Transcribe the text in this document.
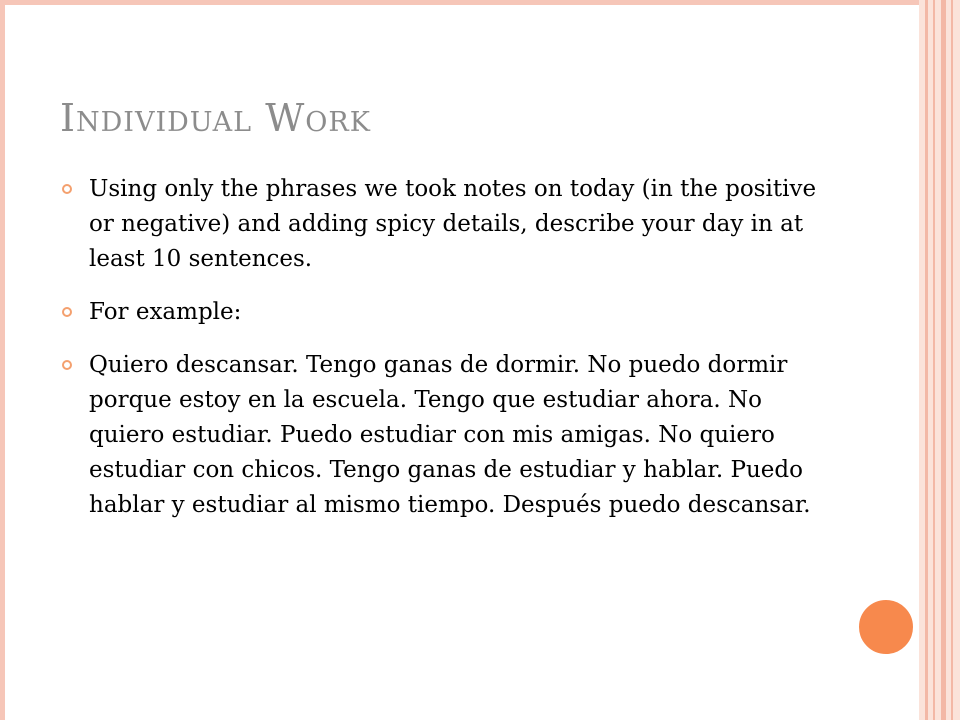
Individual Work
Using only the phrases we took notes on today (in the positive or negative) and adding spicy details, describe your day in at least 10 sentences.
For example:
Quiero descansar. Tengo ganas de dormir. No puedo dormir porque estoy en la escuela. Tengo que estudiar ahora. No quiero estudiar. Puedo estudiar con mis amigas. No quiero estudiar con chicos. Tengo ganas de estudiar y hablar. Puedo hablar y estudiar al mismo tiempo. Después puedo descansar.
